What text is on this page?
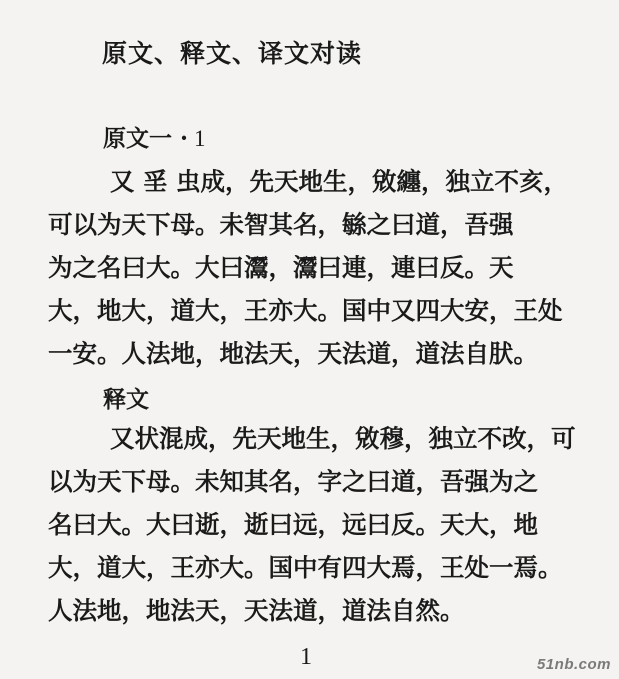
原文、释文、译文对读
原文一 · 1
又 㸒 虫成，先天地生，敓纏，独立不亥，
可以为天下母。未智其名，䋣之曰道，吾强
为之名曰大。大曰灊，灊曰連，連曰反。天
大，地大，道大，王亦大。国中又四大安，王处
一安。人法地，地法天，天法道，道法自肰。
释文
又状混成，先天地生，敓穆，独立不改，可
以为天下母。未知其名，字之曰道，吾强为之
名曰大。大曰逝，逝曰远，远曰反。天大，地
大，道大，王亦大。国中有四大焉，王处一焉。
人法地，地法天，天法道，道法自然。
1	51nb.com
